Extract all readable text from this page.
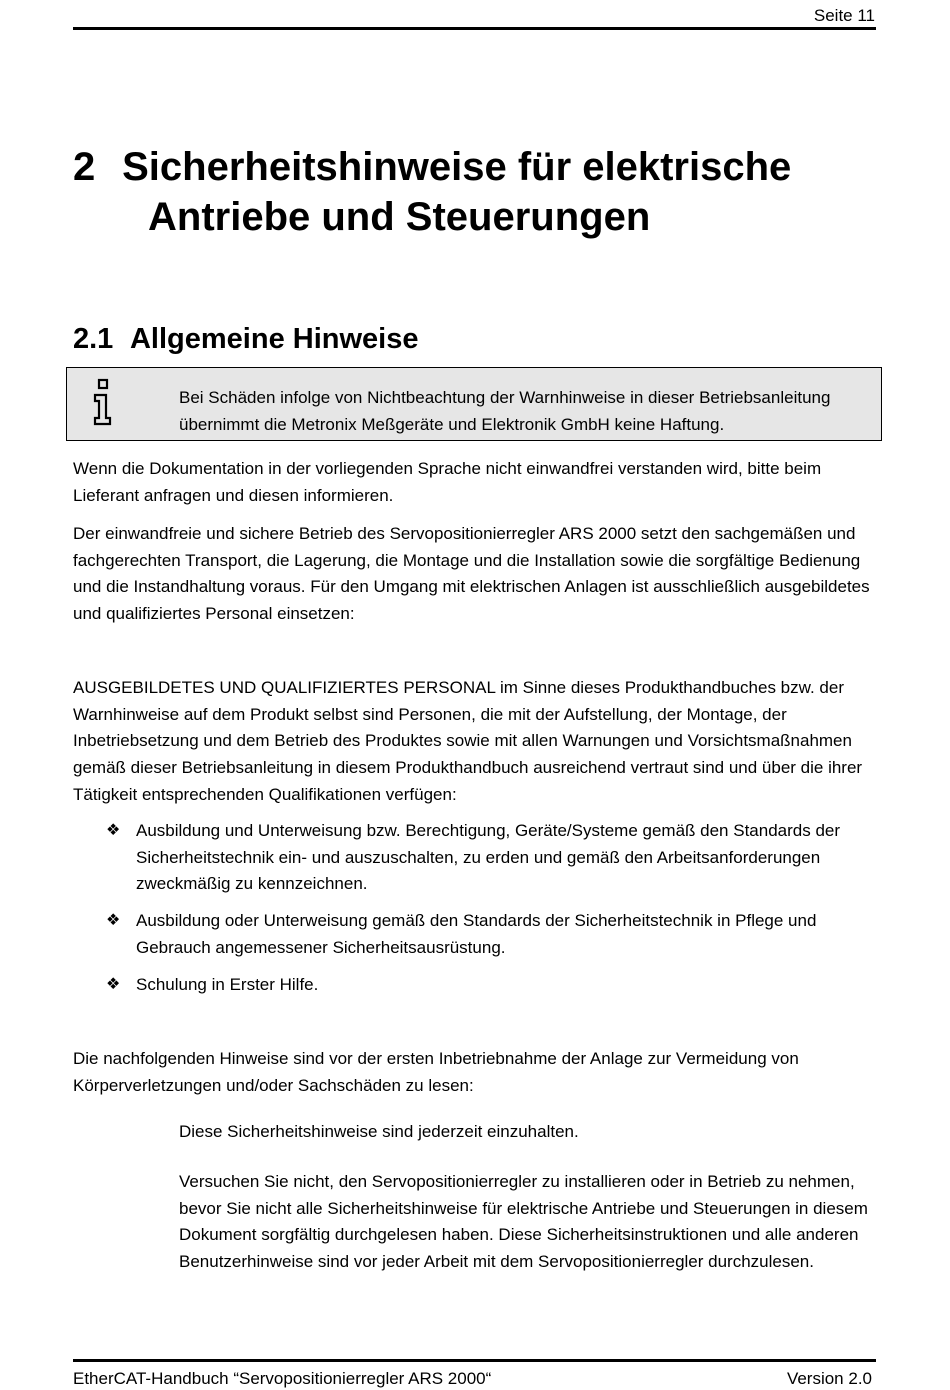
Seite 11
2 Sicherheitshinweise für elektrische
Antriebe und Steuerungen
2.1 Allgemeine Hinweise
Bei Schäden infolge von Nichtbeachtung der Warnhinweise in dieser Betriebsanleitung
übernimmt die Metronix Meßgeräte und Elektronik GmbH keine Haftung.
Wenn die Dokumentation in der vorliegenden Sprache nicht einwandfrei verstanden wird, bitte beim Lieferant anfragen und diesen informieren.
Der einwandfreie und sichere Betrieb des Servopositionierregler ARS 2000 setzt den sachgemäßen und fachgerechten Transport, die Lagerung, die Montage und die Installation sowie die sorgfältige Bedienung und die Instandhaltung voraus. Für den Umgang mit elektrischen Anlagen ist ausschließlich ausgebildetes und qualifiziertes Personal einsetzen:
AUSGEBILDETES UND QUALIFIZIERTES PERSONAL im Sinne dieses Produkthandbuches bzw. der Warnhinweise auf dem Produkt selbst sind Personen, die mit der Aufstellung, der Montage, der Inbetriebsetzung und dem Betrieb des Produktes sowie mit allen Warnungen und Vorsichtsmaßnahmen gemäß dieser Betriebsanleitung in diesem Produkthandbuch ausreichend vertraut sind und über die ihrer Tätigkeit entsprechenden Qualifikationen verfügen:
❖ Ausbildung und Unterweisung bzw. Berechtigung, Geräte/Systeme gemäß den Standards der Sicherheitstechnik ein- und auszuschalten, zu erden und gemäß den Arbeitsanforderungen zweckmäßig zu kennzeichnen.
❖ Ausbildung oder Unterweisung gemäß den Standards der Sicherheitstechnik in Pflege und Gebrauch angemessener Sicherheitsausrüstung.
❖ Schulung in Erster Hilfe.
Die nachfolgenden Hinweise sind vor der ersten Inbetriebnahme der Anlage zur Vermeidung von Körperverletzungen und/oder Sachschäden zu lesen:
Diese Sicherheitshinweise sind jederzeit einzuhalten.
Versuchen Sie nicht, den Servopositionierregler zu installieren oder in Betrieb zu nehmen, bevor Sie nicht alle Sicherheitshinweise für elektrische Antriebe und Steuerungen in diesem Dokument sorgfältig durchgelesen haben. Diese Sicherheitsinstruktionen und alle anderen Benutzerhinweise sind vor jeder Arbeit mit dem Servopositionierregler durchzulesen.
EtherCAT-Handbuch “Servopositionierregler ARS 2000“	Version 2.0
